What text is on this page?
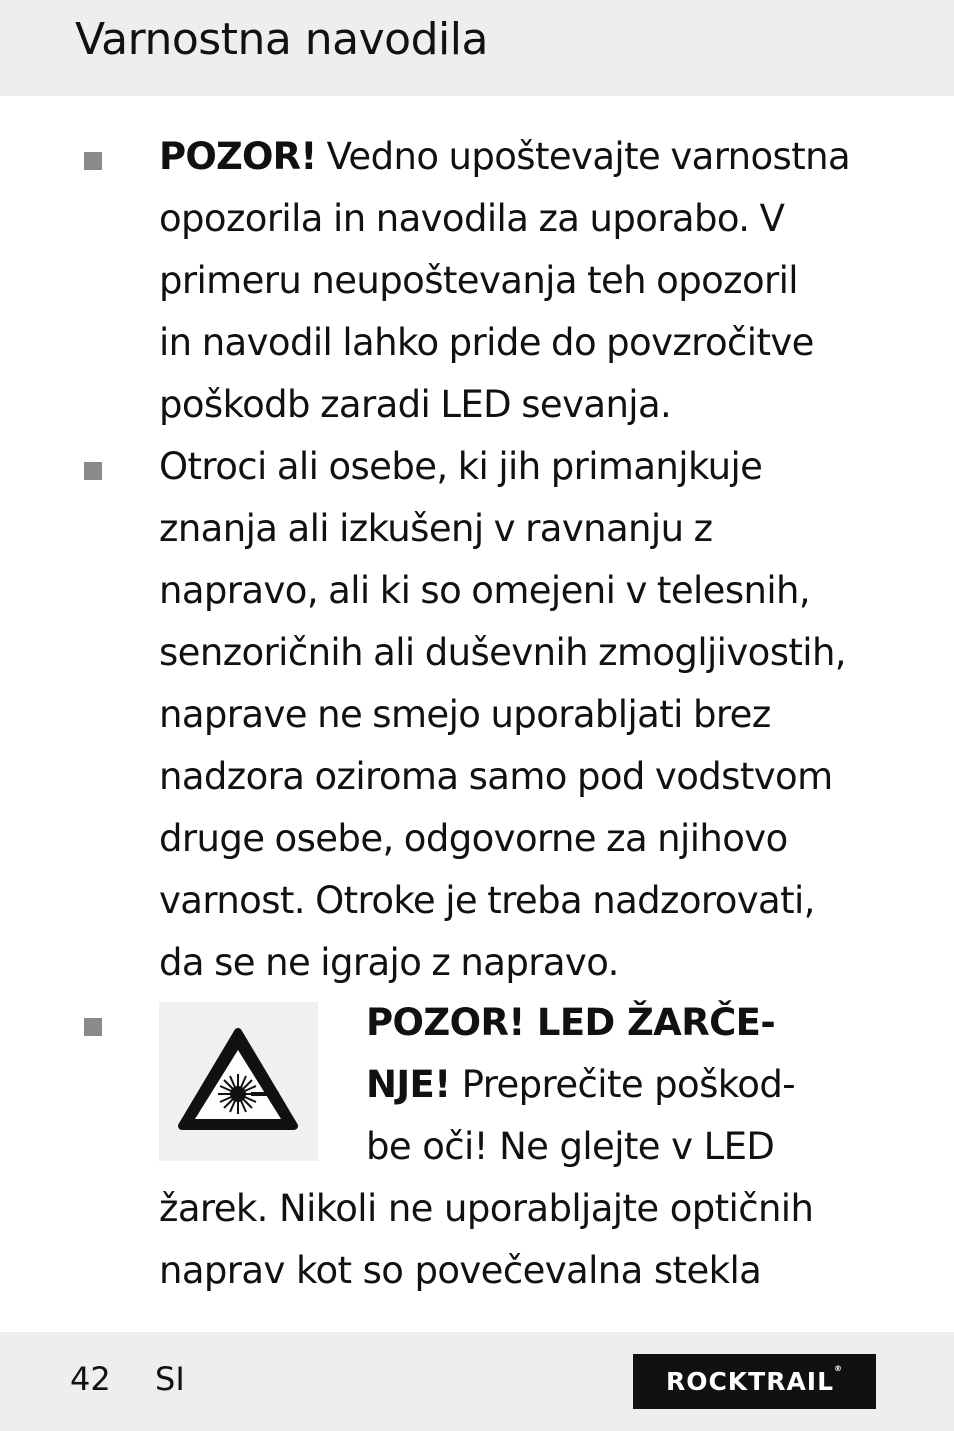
Varnostna navodila
POZOR! Vedno upoštevajte varnostna
opozorila in navodila za uporabo. V
primeru neupoštevanja teh opozoril
in navodil lahko pride do povzročitve
poškodb zaradi LED sevanja.
Otroci ali osebe, ki jih primanjkuje
znanja ali izkušenj v ravnanju z
napravo, ali ki so omejeni v telesnih,
senzoričnih ali duševnih zmogljivostih,
naprave ne smejo uporabljati brez
nadzora oziroma samo pod vodstvom
druge osebe, odgovorne za njihovo
varnost. Otroke je treba nadzorovati,
da se ne igrajo z napravo.
POZOR! LED ŽARČE-
NJE! Preprečite poškod-
be oči! Ne glejte v LED
žarek. Nikoli ne uporabljajte optičnih
naprav kot so povečevalna stekla
42 SI	ROCKTRAIL®
